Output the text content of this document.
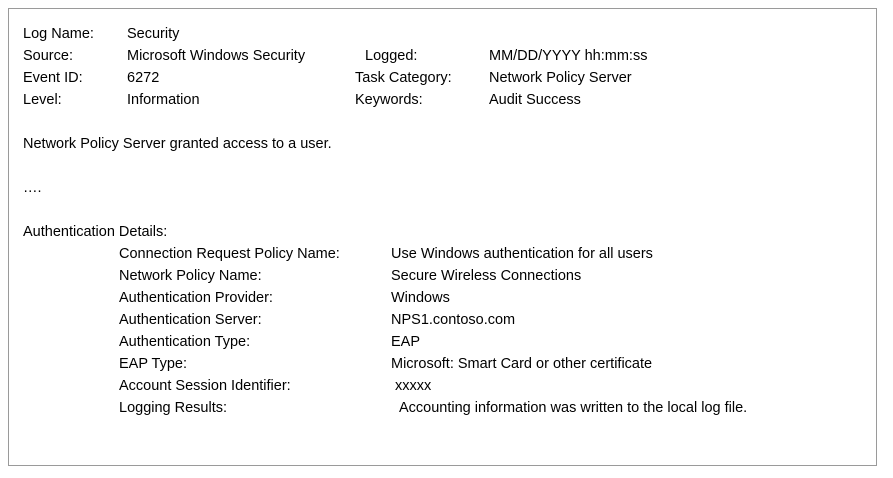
Log Name:	Security
Source:	Microsoft Windows Security	Logged:	MM/DD/YYYY hh:mm:ss
Event ID:	6272	Task Category:	Network Policy Server
Level:	Information	Keywords:	Audit Success
Network Policy Server granted access to a user.
….
Authentication Details:
Connection Request Policy Name:	Use Windows authentication for all users
Network Policy Name:	Secure Wireless Connections
Authentication Provider:	Windows
Authentication Server:	NPS1.contoso.com
Authentication Type:	EAP
EAP Type:	Microsoft: Smart Card or other certificate
Account Session Identifier:	xxxxx
Logging Results:	Accounting information was written to the local log file.
